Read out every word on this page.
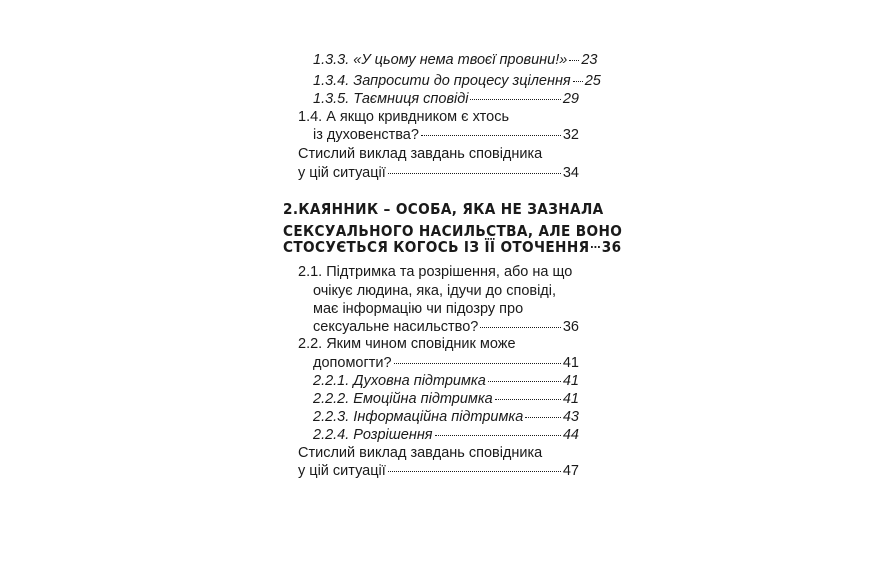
1.3.3. «У цьому нема твоєї провини!» 23
1.3.4. Запросити до процесу зцілення 25
1.3.5. Таємниця сповіді	29
1.4. А якщо кривдником є хтось
із духовенства?	32
Стислий виклад завдань сповідника
у цій ситуації	34
2.КАЯННИК – ОСОБА, ЯКА НЕ ЗАЗНАЛА
СЕКСУАЛЬНОГО НАСИЛЬСТВА, АЛЕ ВОНО
СТОСУЄТЬСЯ КОГОСЬ ІЗ ЇЇ ОТОЧЕННЯ 36
2.1. Підтримка та розрішення, або на що
очікує людина, яка, ідучи до сповіді,
має інформацію чи підозру про
сексуальне насильство?	36
2.2. Яким чином сповідник може
допомогти?	41
2.2.1. Духовна підтримка	41
2.2.2. Емоційна підтримка	41
2.2.3. Інформаційна підтримка	43
2.2.4. Розрішення	44
Стислий виклад завдань сповідника
у цій ситуації	47
